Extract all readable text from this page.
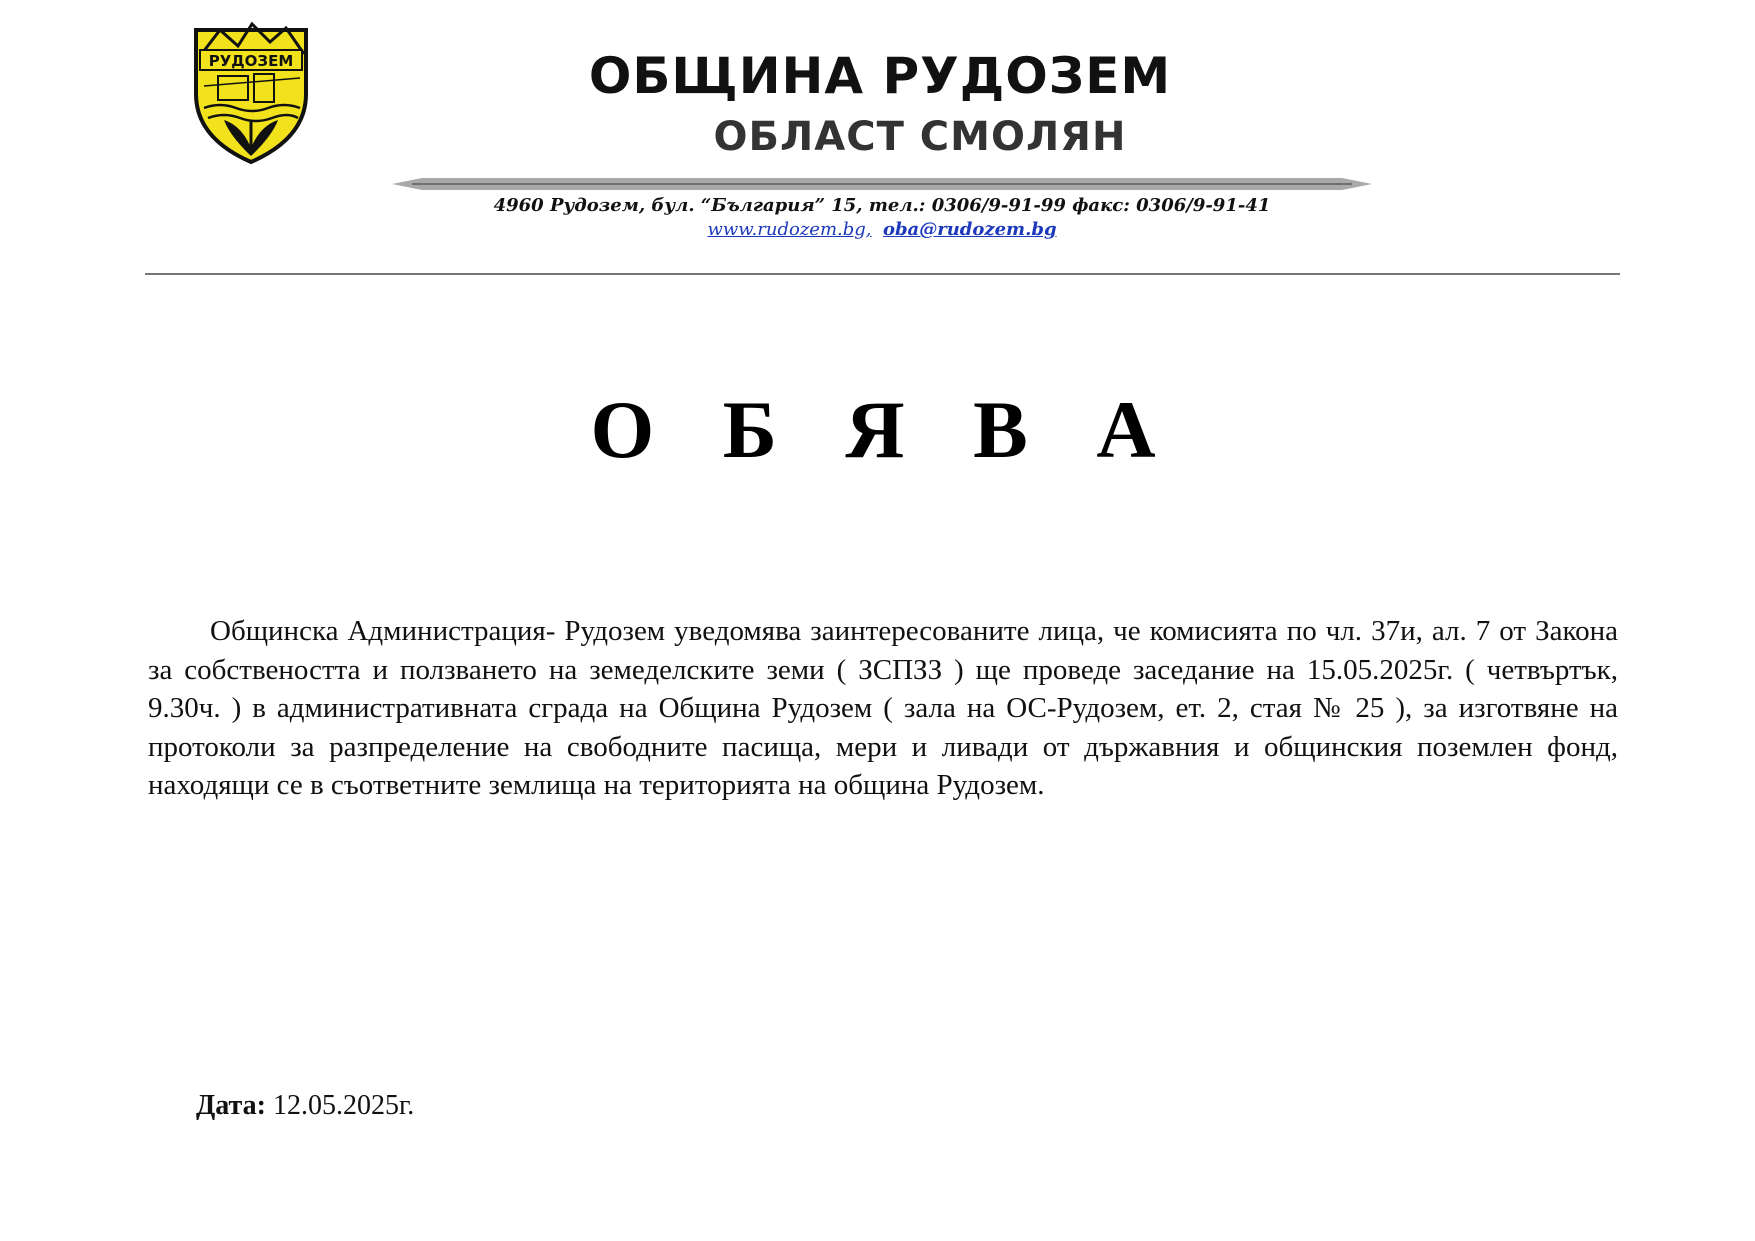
РУДОЗЕМ	ОБЩИНА РУДОЗЕМ
ОБЛАСТ СМОЛЯН
4960 Рудозем, бул. “България” 15, тел.: 0306/9-91-99 факс: 0306/9-91-41
www.rudozem.bg, oba@rudozem.bg
О Б Я В А

Общинска Администрация- Рудозем уведомява заинтересованите лица, че комисията по чл. 37и, ал. 7 от Закона за собствеността и ползването на земеделските земи ( ЗСПЗЗ ) ще проведе заседание на 15.05.2025г. ( четвъртък, 9.30ч. ) в административната сграда на Община Рудозем ( зала на ОС-Рудозем, ет. 2, стая № 25 ), за изготвяне на протоколи за разпределение на свободните пасища, мери и ливади от държавния и общинския поземлен фонд, находящи се в съответните землища на територията на община Рудозем.

Дата: 12.05.2025г.
